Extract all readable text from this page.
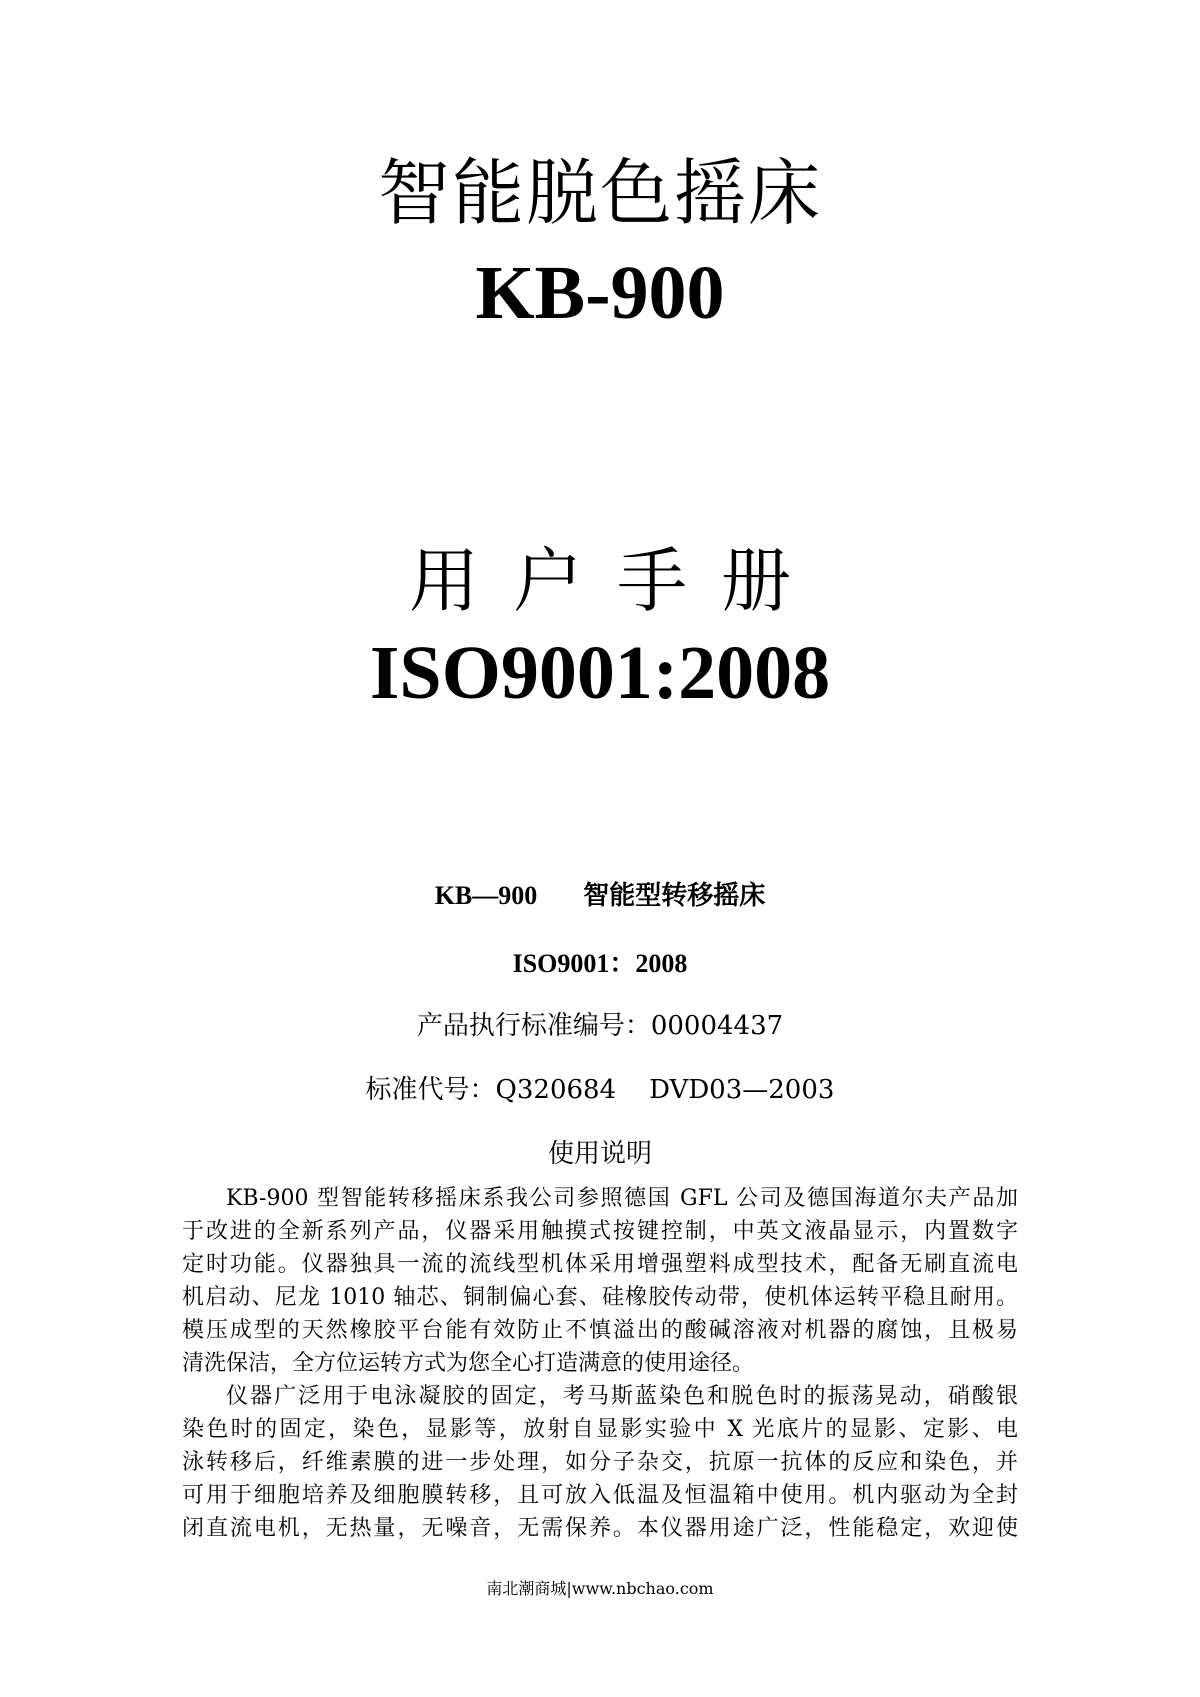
智能脱色摇床
KB-900
用户手册
ISO9001:2008
KB—900 智能型转移摇床
ISO9001：2008
产品执行标准编号：00004437
标准代号：Q320684    DVD03—2003
使用说明
KB-900 型智能转移摇床系我公司参照德国 GFL 公司及德国海道尔夫产品加
于改进的全新系列产品，仪器采用触摸式按键控制，中英文液晶显示，内置数字
定时功能。仪器独具一流的流线型机体采用增强塑料成型技术，配备无刷直流电
机启动、尼龙 1010 轴芯、铜制偏心套、硅橡胶传动带，使机体运转平稳且耐用。
模压成型的天然橡胶平台能有效防止不慎溢出的酸碱溶液对机器的腐蚀，且极易
清洗保洁，全方位运转方式为您全心打造满意的使用途径。
仪器广泛用于电泳凝胶的固定，考马斯蓝染色和脱色时的振荡晃动，硝酸银
染色时的固定，染色，显影等，放射自显影实验中 X 光底片的显影、定影、电
泳转移后，纤维素膜的进一步处理，如分子杂交，抗原一抗体的反应和染色，并
可用于细胞培养及细胞膜转移，且可放入低温及恒温箱中使用。机内驱动为全封
闭直流电机，无热量，无噪音，无需保养。本仪器用途广泛，性能稳定，欢迎使
南北潮商城|www.nbchao.com
